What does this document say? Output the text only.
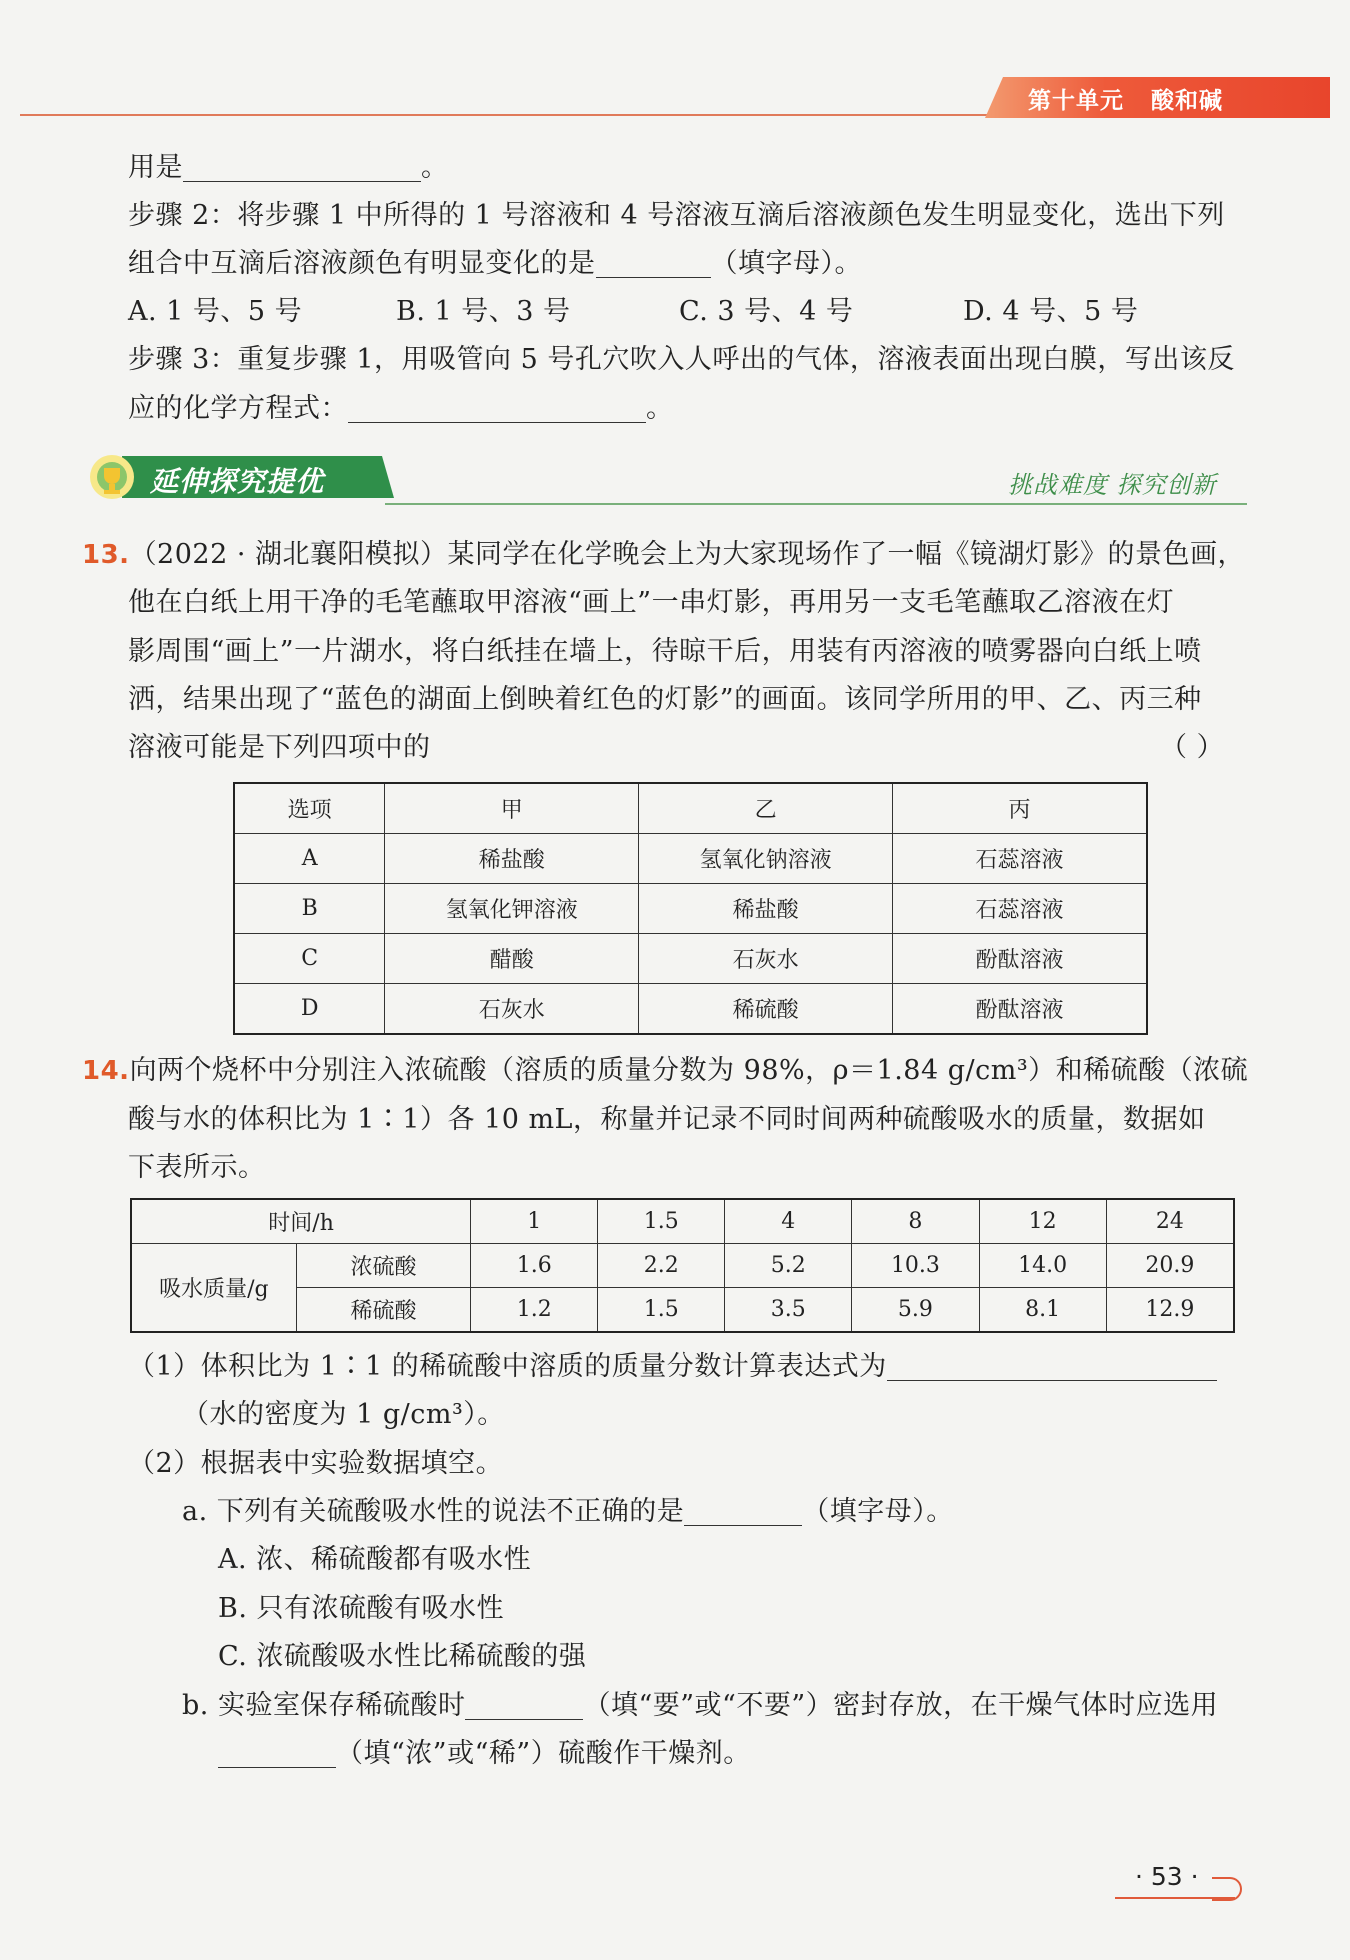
第十单元 酸和碱
用是	。
步骤 2：将步骤 1 中所得的 1 号溶液和 4 号溶液互滴后溶液颜色发生明显变化，选出下列
组合中互滴后溶液颜色有明显变化的是	（填字母）。
A. 1 号、5 号	B. 1 号、3 号	C. 3 号、4 号	D. 4 号、5 号
步骤 3：重复步骤 1，用吸管向 5 号孔穴吹入人呼出的气体，溶液表面出现白膜，写出该反
应的化学方程式：	。
延伸探究提优	挑战难度 探究创新
13.（2022 · 湖北襄阳模拟）某同学在化学晚会上为大家现场作了一幅《镜湖灯影》的景色画，
他在白纸上用干净的毛笔蘸取甲溶液“画上”一串灯影，再用另一支毛笔蘸取乙溶液在灯
影周围“画上”一片湖水，将白纸挂在墙上，待晾干后，用装有丙溶液的喷雾器向白纸上喷
洒，结果出现了“蓝色的湖面上倒映着红色的灯影”的画面。该同学所用的甲、乙、丙三种
溶液可能是下列四项中的	（ ）
选项	甲	乙	丙
A	稀盐酸	氢氧化钠溶液	石蕊溶液
B	氢氧化钾溶液	稀盐酸	石蕊溶液
C	醋酸	石灰水	酚酞溶液
D	石灰水	稀硫酸	酚酞溶液
14.向两个烧杯中分别注入浓硫酸（溶质的质量分数为 98%，ρ＝1.84 g/cm³）和稀硫酸（浓硫
酸与水的体积比为 1∶1）各 10 mL，称量并记录不同时间两种硫酸吸水的质量，数据如
下表所示。
时间/h		1	1.5	4	8	12	24
吸水质量/g	浓硫酸	1.6	2.2	5.2	10.3	14.0	20.9
	稀硫酸	1.2	1.5	3.5	5.9	8.1	12.9
（1）体积比为 1∶1 的稀硫酸中溶质的质量分数计算表达式为
（水的密度为 1 g/cm³）。
（2）根据表中实验数据填空。
a. 下列有关硫酸吸水性的说法不正确的是	（填字母）。
A. 浓、稀硫酸都有吸水性
B. 只有浓硫酸有吸水性
C. 浓硫酸吸水性比稀硫酸的强
b. 实验室保存稀硫酸时	（填“要”或“不要”）密封存放，在干燥气体时应选用
（填“浓”或“稀”）硫酸作干燥剂。
· 53 ·
